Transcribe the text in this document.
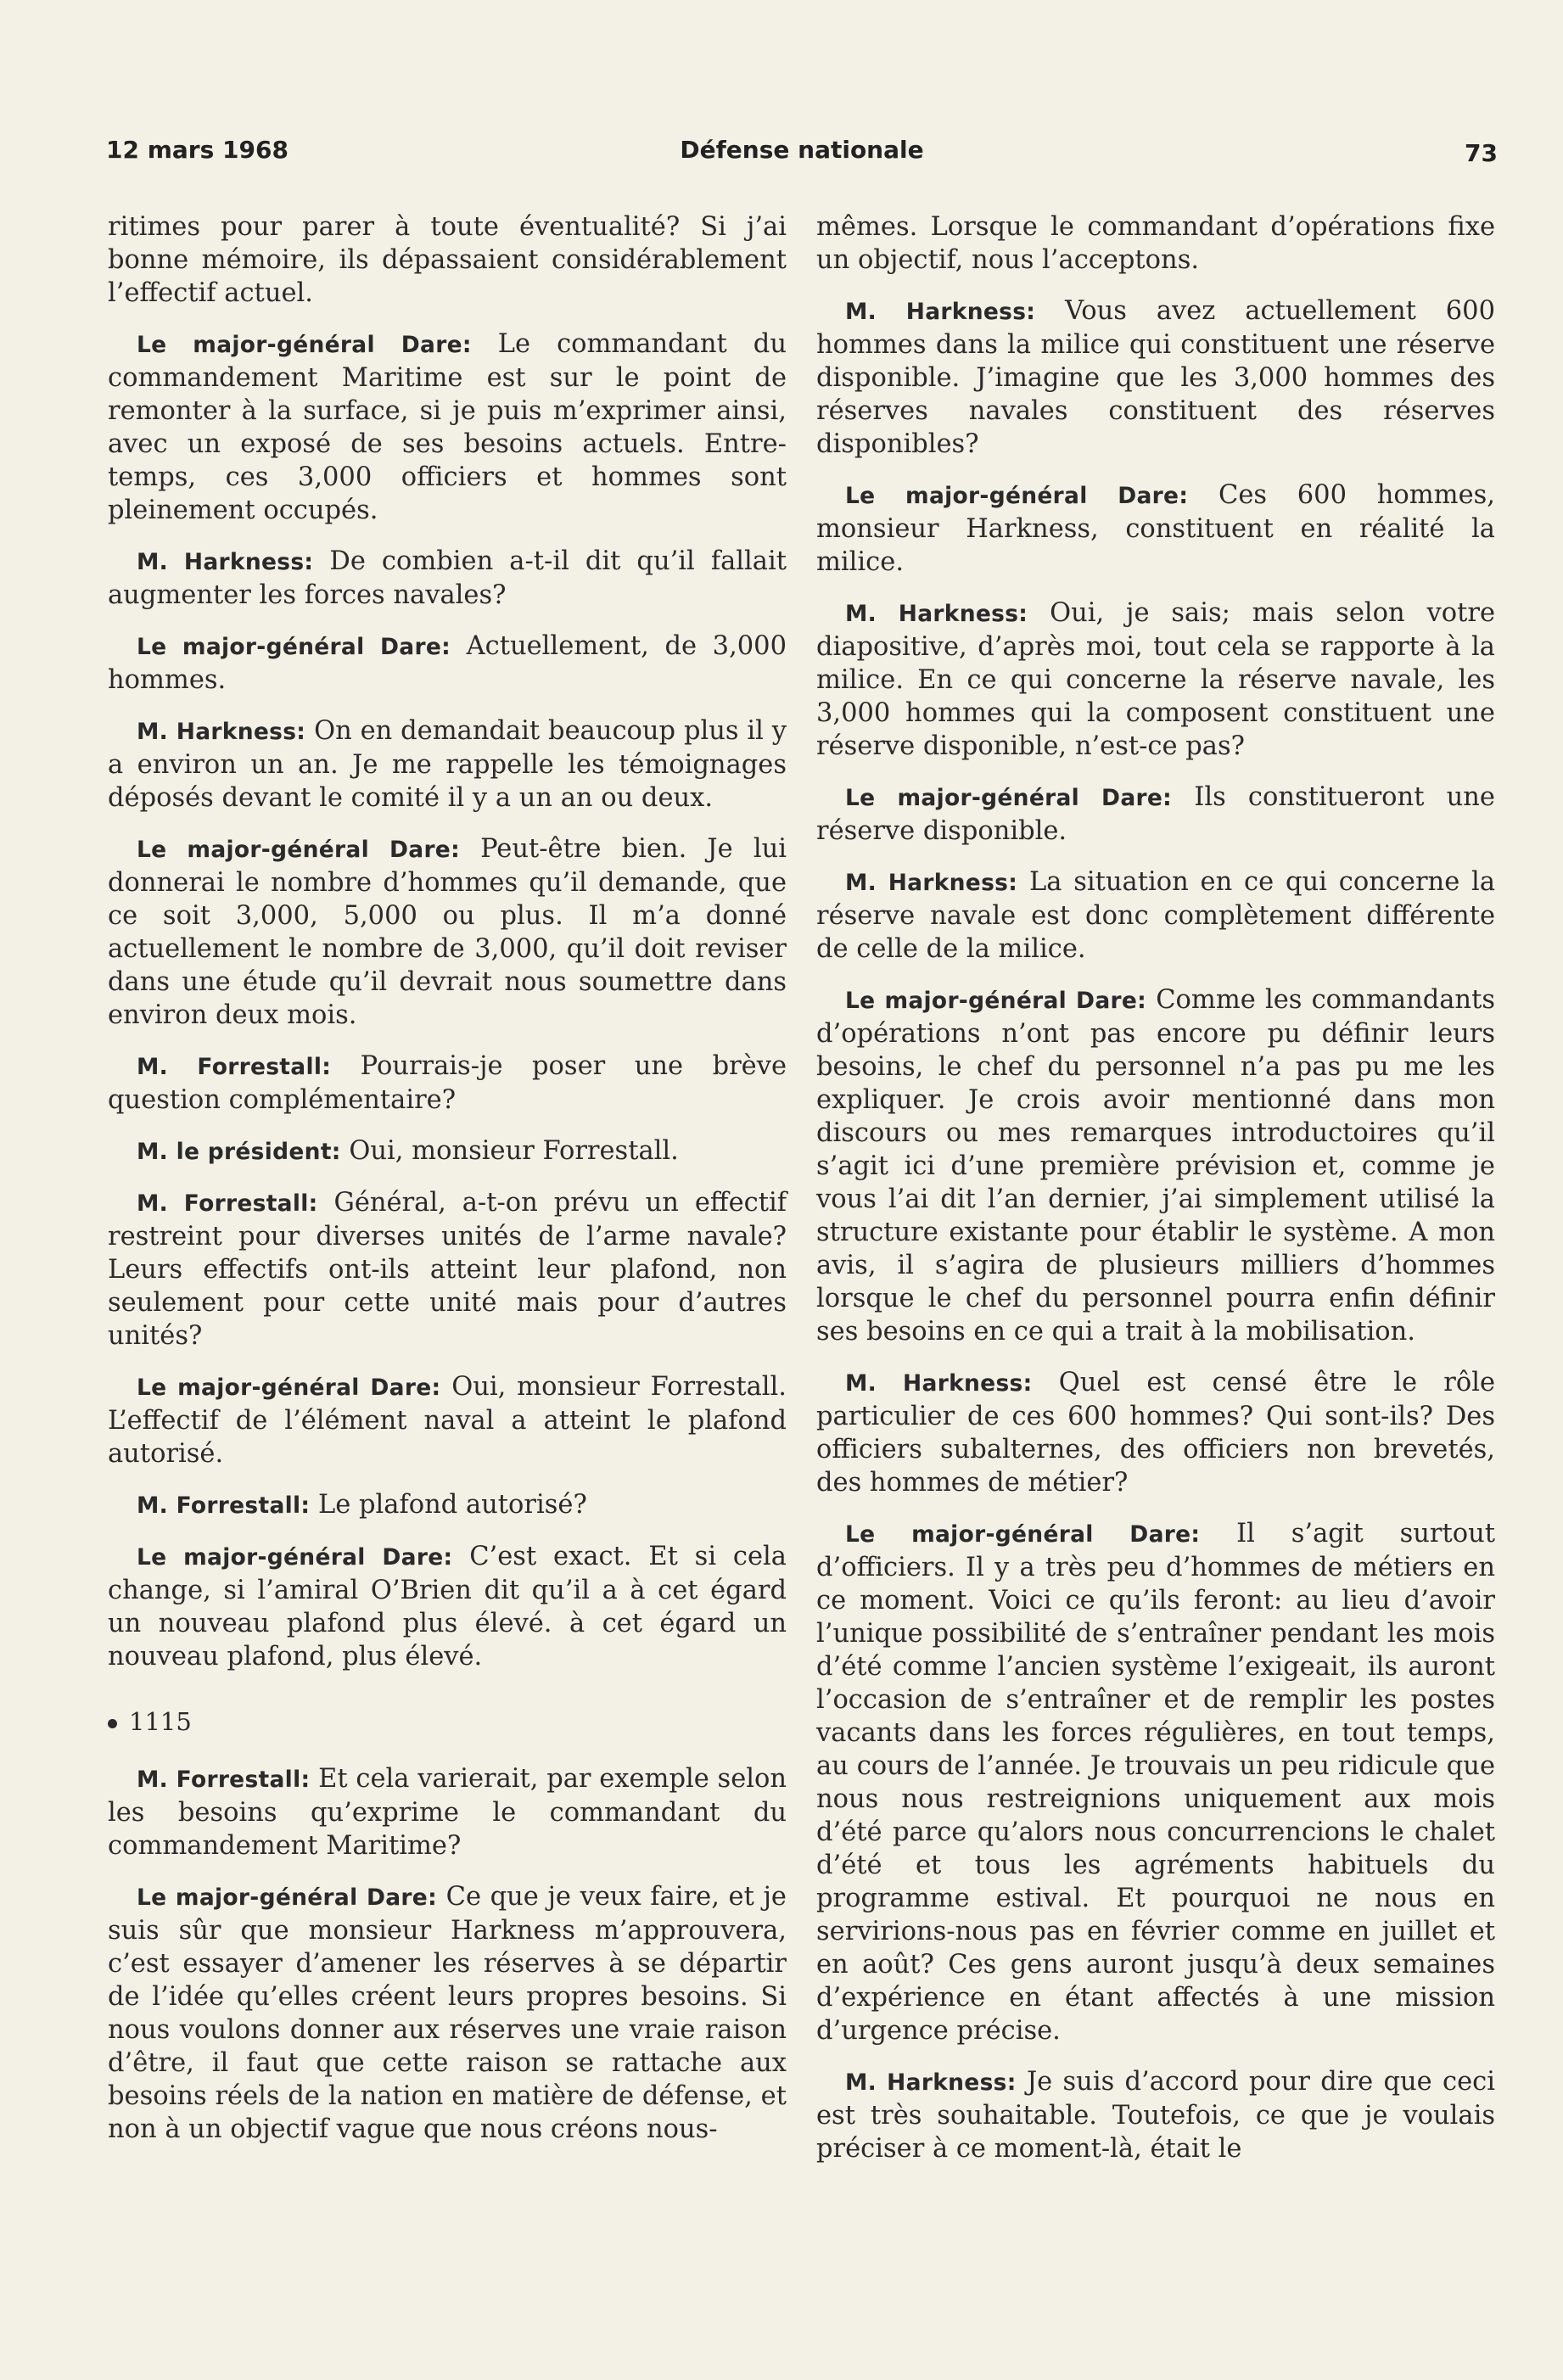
12 mars 1968	Défense nationale	73

ritimes pour parer à toute éventualité? Si j’ai bonne mémoire, ils dépassaient considérablement l’effectif actuel.

Le major-général Dare: Le commandant du commandement Maritime est sur le point de remonter à la surface, si je puis m’exprimer ainsi, avec un exposé de ses besoins actuels. Entre-temps, ces 3,000 officiers et hommes sont pleinement occupés.

M. Harkness: De combien a-t-il dit qu’il fallait augmenter les forces navales?

Le major-général Dare: Actuellement, de 3,000 hommes.

M. Harkness: On en demandait beaucoup plus il y a environ un an. Je me rappelle les témoignages déposés devant le comité il y a un an ou deux.

Le major-général Dare: Peut-être bien. Je lui donnerai le nombre d’hommes qu’il demande, que ce soit 3,000, 5,000 ou plus. Il m’a donné actuellement le nombre de 3,000, qu’il doit reviser dans une étude qu’il devrait nous soumettre dans environ deux mois.

M. Forrestall: Pourrais-je poser une brève question complémentaire?

M. le président: Oui, monsieur Forrestall.

M. Forrestall: Général, a-t-on prévu un effectif restreint pour diverses unités de l’arme navale? Leurs effectifs ont-ils atteint leur plafond, non seulement pour cette unité mais pour d’autres unités?

Le major-général Dare: Oui, monsieur Forrestall. L’effectif de l’élément naval a atteint le plafond autorisé.

M. Forrestall: Le plafond autorisé?

Le major-général Dare: C’est exact. Et si cela change, si l’amiral O’Brien dit qu’il a à cet égard un nouveau plafond plus élevé. à cet égard un nouveau plafond, plus élevé.

1115

M. Forrestall: Et cela varierait, par exemple selon les besoins qu’exprime le commandant du commandement Maritime?

Le major-général Dare: Ce que je veux faire, et je suis sûr que monsieur Harkness m’approuvera, c’est essayer d’amener les réserves à se départir de l’idée qu’elles créent leurs propres besoins. Si nous voulons donner aux réserves une vraie raison d’être, il faut que cette raison se rattache aux besoins réels de la nation en matière de défense, et non à un objectif vague que nous créons nous-

mêmes. Lorsque le commandant d’opérations fixe un objectif, nous l’acceptons.

M. Harkness: Vous avez actuellement 600 hommes dans la milice qui constituent une réserve disponible. J’imagine que les 3,000 hommes des réserves navales constituent des réserves disponibles?

Le major-général Dare: Ces 600 hommes, monsieur Harkness, constituent en réalité la milice.

M. Harkness: Oui, je sais; mais selon votre diapositive, d’après moi, tout cela se rapporte à la milice. En ce qui concerne la réserve navale, les 3,000 hommes qui la composent constituent une réserve disponible, n’est-ce pas?

Le major-général Dare: Ils constitueront une réserve disponible.

M. Harkness: La situation en ce qui concerne la réserve navale est donc complètement différente de celle de la milice.

Le major-général Dare: Comme les commandants d’opérations n’ont pas encore pu définir leurs besoins, le chef du personnel n’a pas pu me les expliquer. Je crois avoir mentionné dans mon discours ou mes remarques introductoires qu’il s’agit ici d’une première prévision et, comme je vous l’ai dit l’an dernier, j’ai simplement utilisé la structure existante pour établir le système. A mon avis, il s’agira de plusieurs milliers d’hommes lorsque le chef du personnel pourra enfin définir ses besoins en ce qui a trait à la mobilisation.

M. Harkness: Quel est censé être le rôle particulier de ces 600 hommes? Qui sont-ils? Des officiers subalternes, des officiers non brevetés, des hommes de métier?

Le major-général Dare: Il s’agit surtout d’officiers. Il y a très peu d’hommes de métiers en ce moment. Voici ce qu’ils feront: au lieu d’avoir l’unique possibilité de s’entraîner pendant les mois d’été comme l’ancien système l’exigeait, ils auront l’occasion de s’entraîner et de remplir les postes vacants dans les forces régulières, en tout temps, au cours de l’année. Je trouvais un peu ridicule que nous nous restreignions uniquement aux mois d’été parce qu’alors nous concurrencions le chalet d’été et tous les agréments habituels du programme estival. Et pourquoi ne nous en servirions-nous pas en février comme en juillet et en août? Ces gens auront jusqu’à deux semaines d’expérience en étant affectés à une mission d’urgence précise.

M. Harkness: Je suis d’accord pour dire que ceci est très souhaitable. Toutefois, ce que je voulais préciser à ce moment-là, était le
